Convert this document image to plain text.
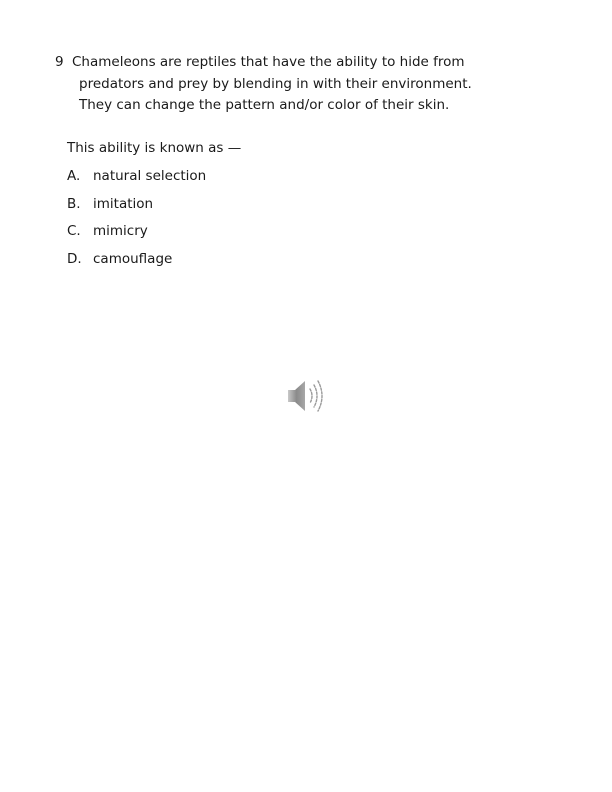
9 Chameleons are reptiles that have the ability to hide from
predators and prey by blending in with their environment.
They can change the pattern and/or color of their skin.
This ability is known as —
A. natural selection
B. imitation
C. mimicry
D. camouflage
